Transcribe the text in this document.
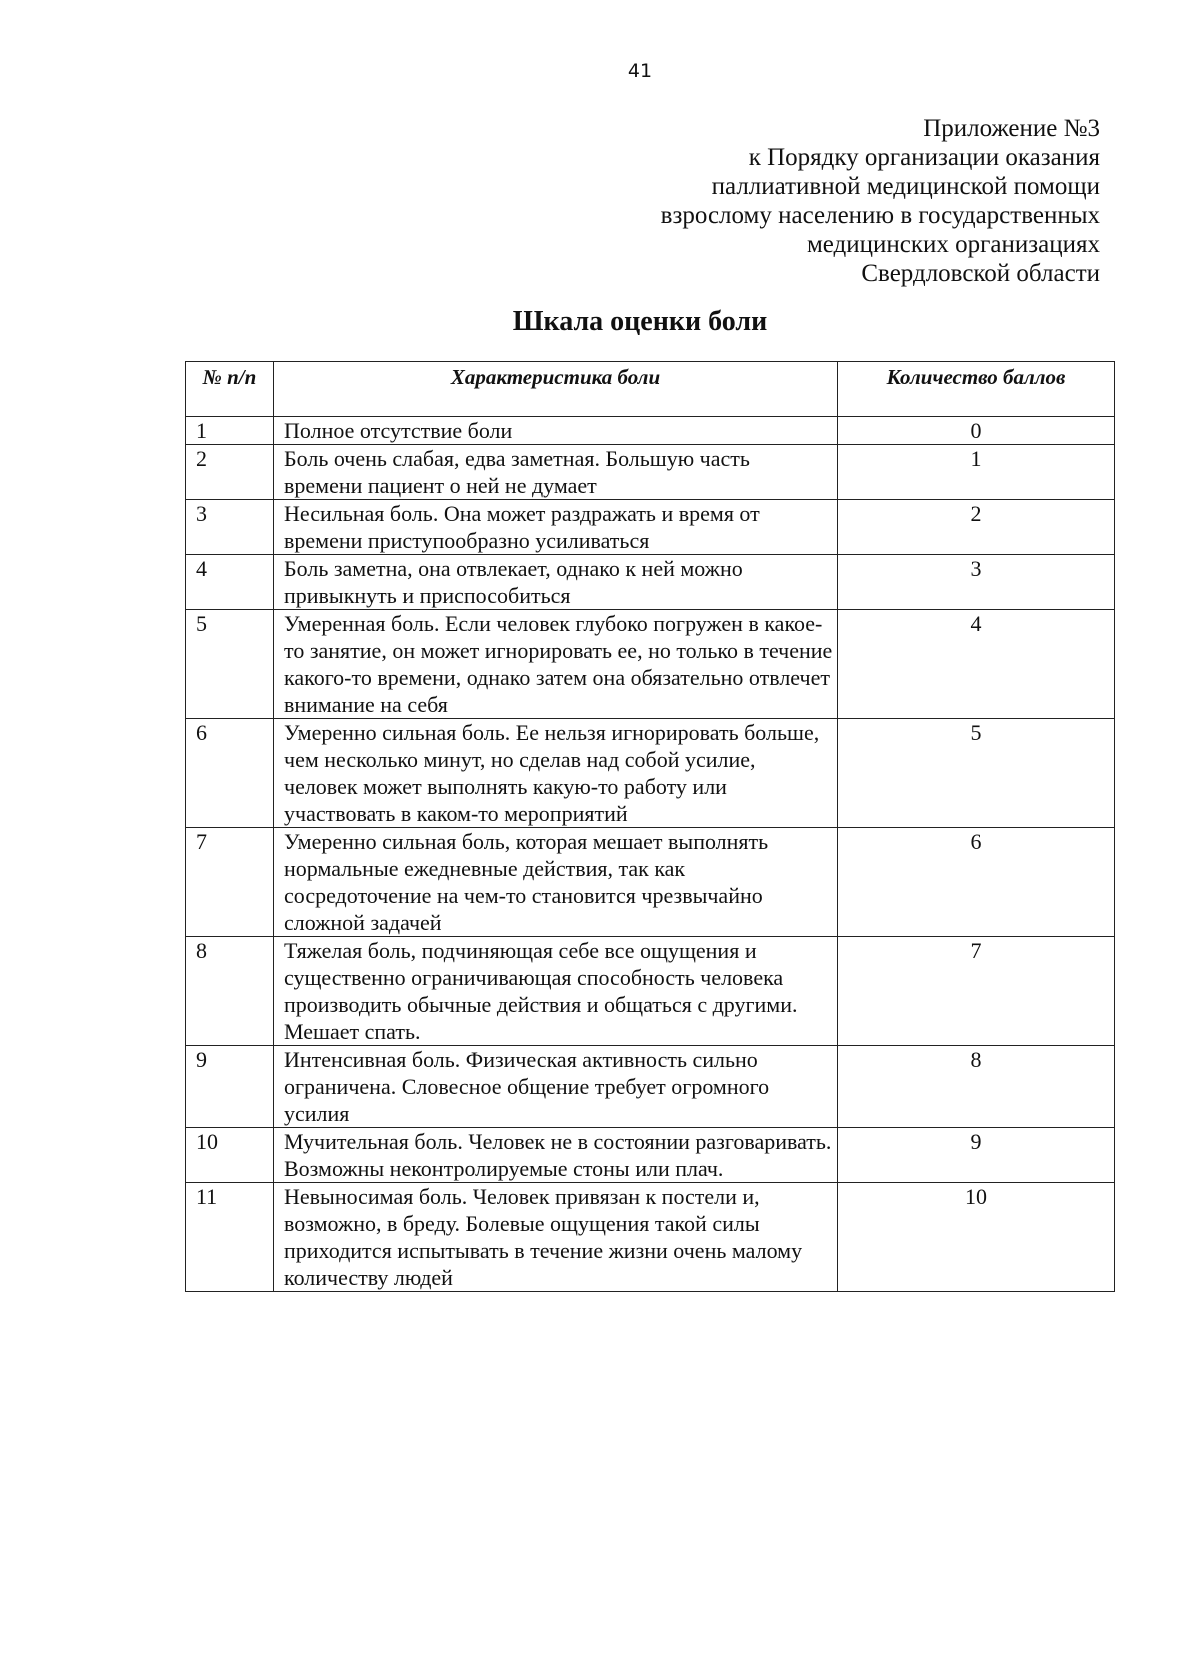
41
Приложение №3
к Порядку организации оказания
паллиативной медицинской помощи
взрослому населению в государственных
медицинских организациях
Свердловской области
Шкала оценки боли
№ п/п	Характеристика боли	Количество баллов
1	Полное отсутствие боли	0
2	Боль очень слабая, едва заметная. Большую часть времени пациент о ней не думает	1
3	Несильная боль. Она может раздражать и время от времени приступообразно усиливаться	2
4	Боль заметна, она отвлекает, однако к ней можно привыкнуть и приспособиться	3
5	Умеренная боль. Если человек глубоко погружен в какое-то занятие, он может игнорировать ее, но только в течение какого-то времени, однако затем она обязательно отвлечет внимание на себя	4
6	Умеренно сильная боль. Ее нельзя игнорировать больше, чем несколько минут, но сделав над собой усилие, человек может выполнять какую-то работу или участвовать в каком-то мероприятий	5
7	Умеренно сильная боль, которая мешает выполнять нормальные ежедневные действия, так как сосредоточение на чем-то становится чрезвычайно сложной задачей	6
8	Тяжелая боль, подчиняющая себе все ощущения и существенно ограничивающая способность человека производить обычные действия и общаться с другими. Мешает спать.	7
9	Интенсивная боль. Физическая активность сильно ограничена. Словесное общение требует огромного усилия	8
10	Мучительная боль. Человек не в состоянии разговаривать. Возможны неконтролируемые стоны или плач.	9
11	Невыносимая боль. Человек привязан к постели и, возможно, в бреду. Болевые ощущения такой силы приходится испытывать в течение жизни очень малому количеству людей	10
